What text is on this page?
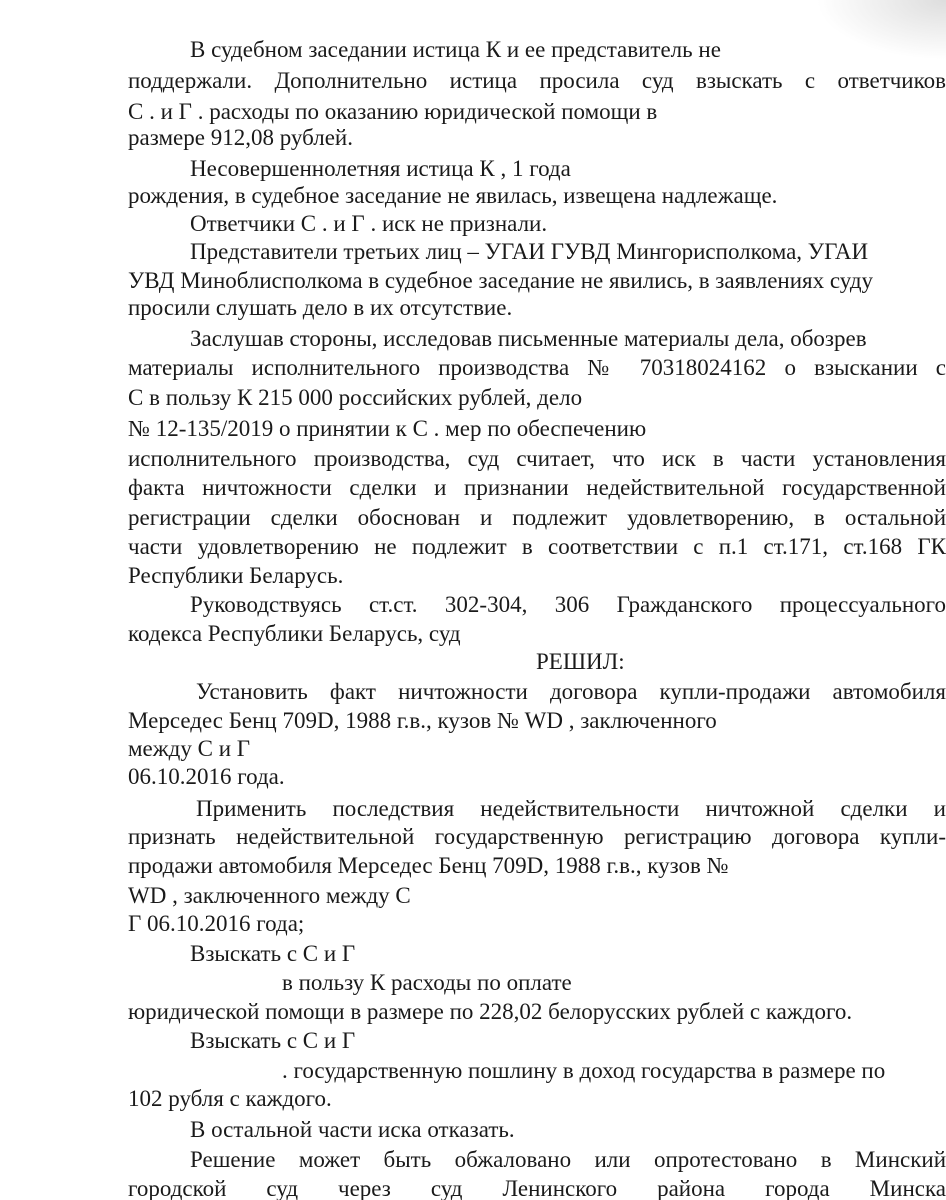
В судебном заседании истица К и ее представитель не
поддержали. Дополнительно истица просила суд взыскать с ответчиков
С . и Г . расходы по оказанию юридической помощи в
размере 912,08 рублей.
Несовершеннолетняя истица К , 1 года
рождения, в судебное заседание не явилась, извещена надлежаще.
Ответчики С . и Г . иск не признали.
Представители третьих лиц – УГАИ ГУВД Мингорисполкома, УГАИ
УВД Миноблисполкома в судебное заседание не явились, в заявлениях суду
просили слушать дело в их отсутствие.
Заслушав стороны, исследовав письменные материалы дела, обозрев
материалы исполнительного производства № 70318024162 о взыскании с
С в пользу К 215 000 российских рублей, дело
№ 12-135/2019 о принятии к С . мер по обеспечению
исполнительного производства, суд считает, что иск в части установления
факта ничтожности сделки и признании недействительной государственной
регистрации сделки обоснован и подлежит удовлетворению, в остальной
части удовлетворению не подлежит в соответствии с п.1 ст.171, ст.168 ГК
Республики Беларусь.
Руководствуясь ст.ст. 302-304, 306 Гражданского процессуального
кодекса Республики Беларусь, суд
РЕШИЛ:
Установить факт ничтожности договора купли-продажи автомобиля
Мерседес Бенц 709D, 1988 г.в., кузов № WD , заключенного
между С и Г
06.10.2016 года.
Применить последствия недействительности ничтожной сделки и
признать недействительной государственную регистрацию договора купли-
продажи автомобиля Мерседес Бенц 709D, 1988 г.в., кузов №
WD , заключенного между С
Г 06.10.2016 года;
Взыскать с С и Г
в пользу К расходы по оплате
юридической помощи в размере по 228,02 белорусских рублей с каждого.
Взыскать с С и Г
. государственную пошлину в доход государства в размере по
102 рубля с каждого.
В остальной части иска отказать.
Решение может быть обжаловано или опротестовано в Минский
городской суд через суд Ленинского района города Минска
